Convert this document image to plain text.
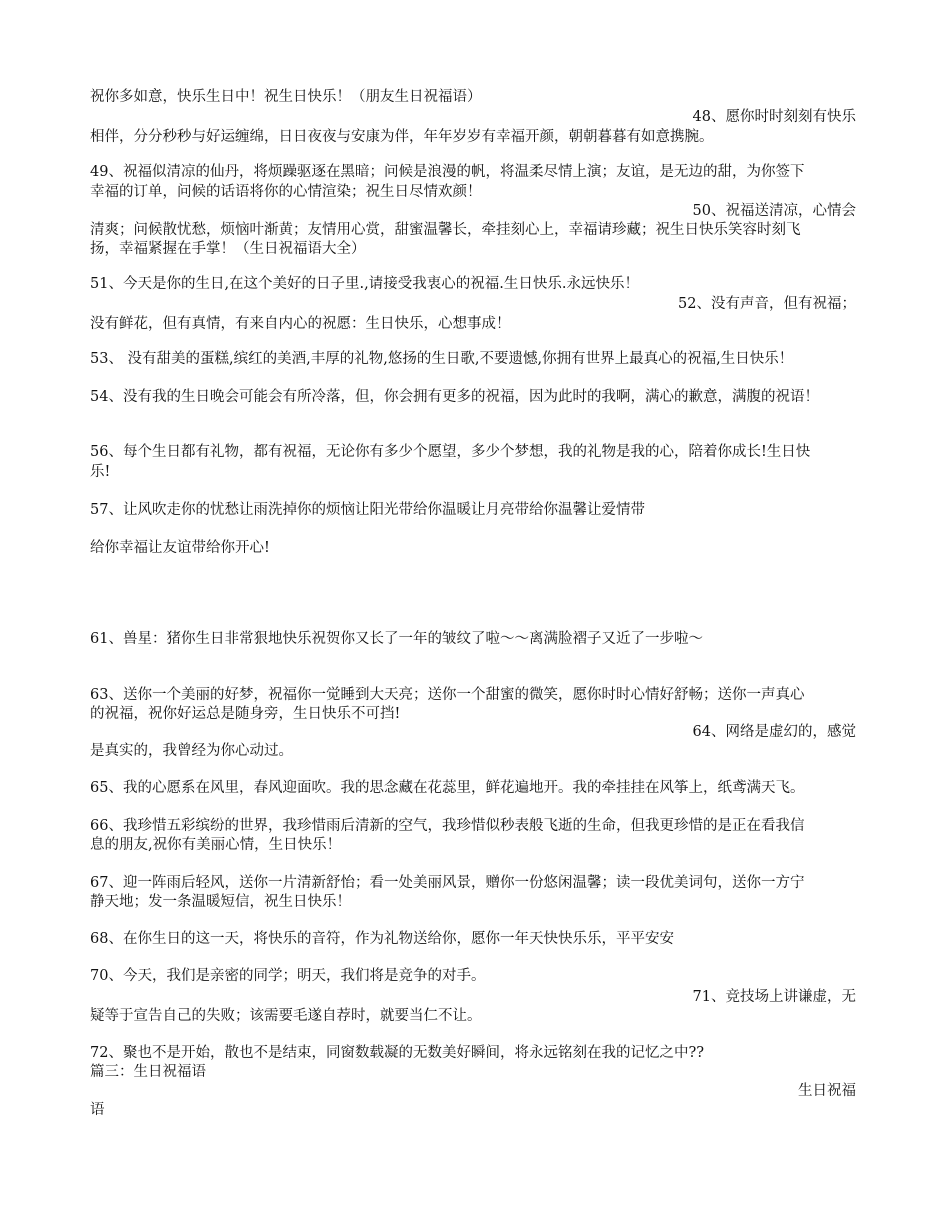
祝你多如意，快乐生日中！祝生日快乐！（朋友生日祝福语）
48、愿你时时刻刻有快乐
相伴，分分秒秒与好运缠绵，日日夜夜与安康为伴，年年岁岁有幸福开颜，朝朝暮暮有如意携腕。
49、祝福似清凉的仙丹，将烦躁驱逐在黑暗；问候是浪漫的帆，将温柔尽情上演；友谊，是无边的甜，为你签下
幸福的订单，问候的话语将你的心情渲染；祝生日尽情欢颜！
50、祝福送清凉，心情会
清爽；问候散忧愁，烦恼叶渐黄；友情用心赏，甜蜜温馨长，牵挂刻心上，幸福请珍藏；祝生日快乐笑容时刻飞
扬，幸福紧握在手掌！（生日祝福语大全）
51、今天是你的生日,在这个美好的日子里.,请接受我衷心的祝福.生日快乐.永远快乐！
52、没有声音，但有祝福；
没有鲜花，但有真情，有来自内心的祝愿：生日快乐，心想事成！
53、 没有甜美的蛋糕,缤红的美酒,丰厚的礼物,悠扬的生日歌,不要遗憾,你拥有世界上最真心的祝福,生日快乐！
54、没有我的生日晚会可能会有所冷落，但，你会拥有更多的祝福，因为此时的我啊，满心的歉意，满腹的祝语！
56、每个生日都有礼物，都有祝福，无论你有多少个愿望，多少个梦想，我的礼物是我的心，陪着你成长!生日快
乐!
57、让风吹走你的忧愁让雨洗掉你的烦恼让阳光带给你温暖让月亮带给你温馨让爱情带
给你幸福让友谊带给你开心!
61、兽星：猪你生日非常狠地快乐祝贺你又长了一年的皱纹了啦～～离满脸褶子又近了一步啦～
63、送你一个美丽的好梦，祝福你一觉睡到大天亮；送你一个甜蜜的微笑，愿你时时心情好舒畅；送你一声真心
的祝福，祝你好运总是随身旁，生日快乐不可挡!
64、网络是虚幻的，感觉
是真实的，我曾经为你心动过。
65、我的心愿系在风里，春风迎面吹。我的思念藏在花蕊里，鲜花遍地开。我的牵挂挂在风筝上，纸鸢满天飞。
66、我珍惜五彩缤纷的世界，我珍惜雨后清新的空气，我珍惜似秒表般飞逝的生命，但我更珍惜的是正在看我信
息的朋友,祝你有美丽心情，生日快乐！
67、迎一阵雨后轻风，送你一片清新舒怡；看一处美丽风景，赠你一份悠闲温馨；读一段优美词句，送你一方宁
静天地；发一条温暖短信，祝生日快乐！
68、在你生日的这一天，将快乐的音符，作为礼物送给你，愿你一年天快快乐乐，平平安安
70、今天，我们是亲密的同学；明天，我们将是竞争的对手。
71、竞技场上讲谦虚，无
疑等于宣告自己的失败；该需要毛遂自荐时，就要当仁不让。
72、聚也不是开始，散也不是结束，同窗数载凝的无数美好瞬间，将永远铭刻在我的记忆之中??
篇三：生日祝福语
生日祝福
语
